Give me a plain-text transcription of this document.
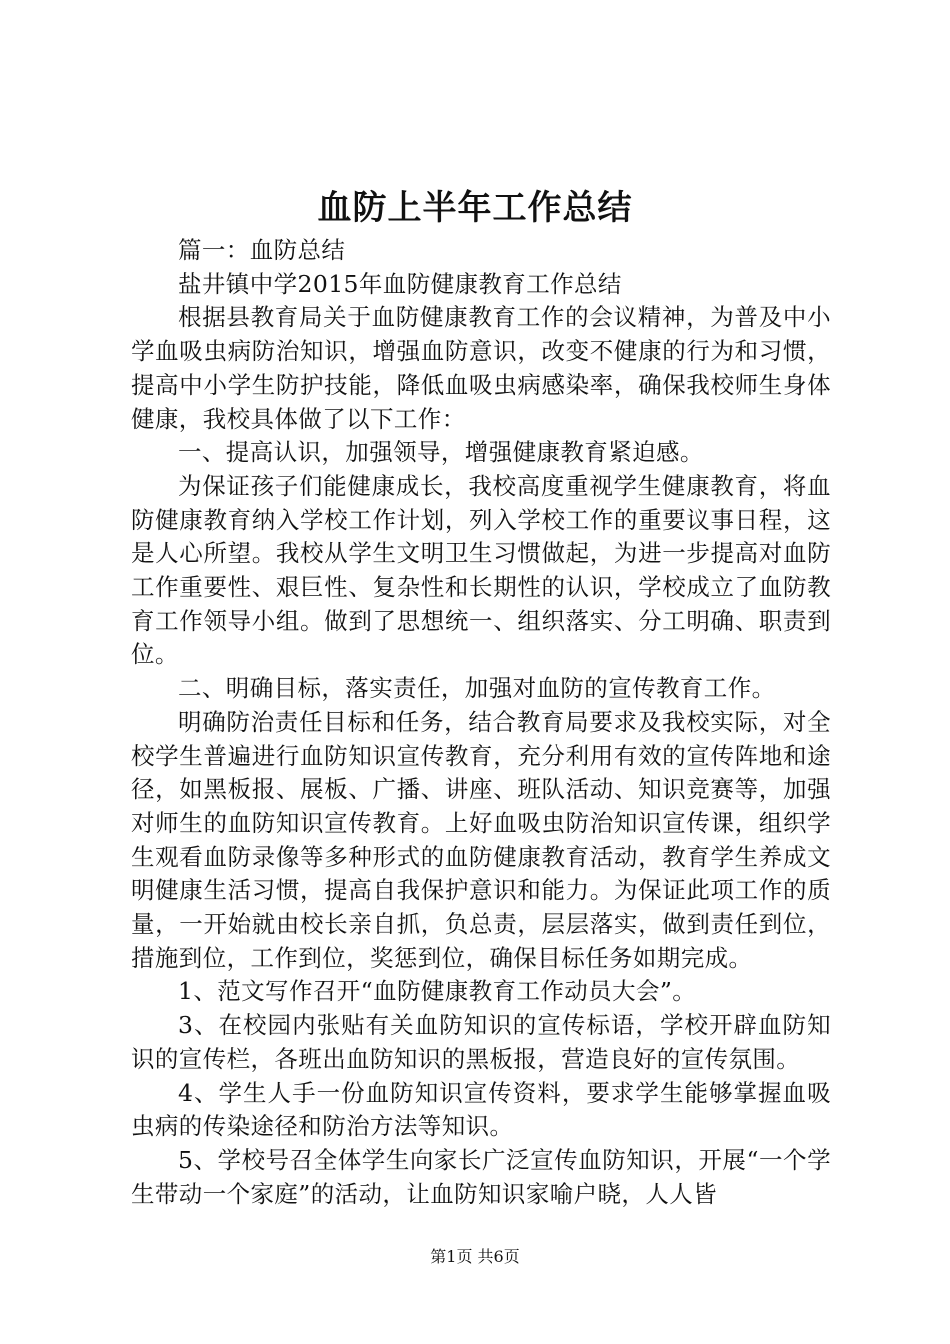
血防上半年工作总结

篇一：血防总结

盐井镇中学2015年血防健康教育工作总结

根据县教育局关于血防健康教育工作的会议精神，为普及中小学血吸虫病防治知识，增强血防意识，改变不健康的行为和习惯，提高中小学生防护技能，降低血吸虫病感染率，确保我校师生身体健康，我校具体做了以下工作：

一、提高认识，加强领导，增强健康教育紧迫感。

为保证孩子们能健康成长，我校高度重视学生健康教育，将血防健康教育纳入学校工作计划，列入学校工作的重要议事日程，这是人心所望。我校从学生文明卫生习惯做起，为进一步提高对血防工作重要性、艰巨性、复杂性和长期性的认识，学校成立了血防教育工作领导小组。做到了思想统一、组织落实、分工明确、职责到位。

二、明确目标，落实责任，加强对血防的宣传教育工作。

明确防治责任目标和任务，结合教育局要求及我校实际，对全校学生普遍进行血防知识宣传教育，充分利用有效的宣传阵地和途径，如黑板报、展板、广播、讲座、班队活动、知识竞赛等，加强对师生的血防知识宣传教育。上好血吸虫防治知识宣传课，组织学生观看血防录像等多种形式的血防健康教育活动，教育学生养成文明健康生活习惯，提高自我保护意识和能力。为保证此项工作的质量，一开始就由校长亲自抓，负总责，层层落实，做到责任到位，措施到位，工作到位，奖惩到位，确保目标任务如期完成。

1、范文写作召开“血防健康教育工作动员大会”。

3、在校园内张贴有关血防知识的宣传标语，学校开辟血防知识的宣传栏，各班出血防知识的黑板报，营造良好的宣传氛围。

4、学生人手一份血防知识宣传资料，要求学生能够掌握血吸虫病的传染途径和防治方法等知识。

5、学校号召全体学生向家长广泛宣传血防知识，开展“一个学生带动一个家庭”的活动，让血防知识家喻户晓，人人皆

第1页 共6页
